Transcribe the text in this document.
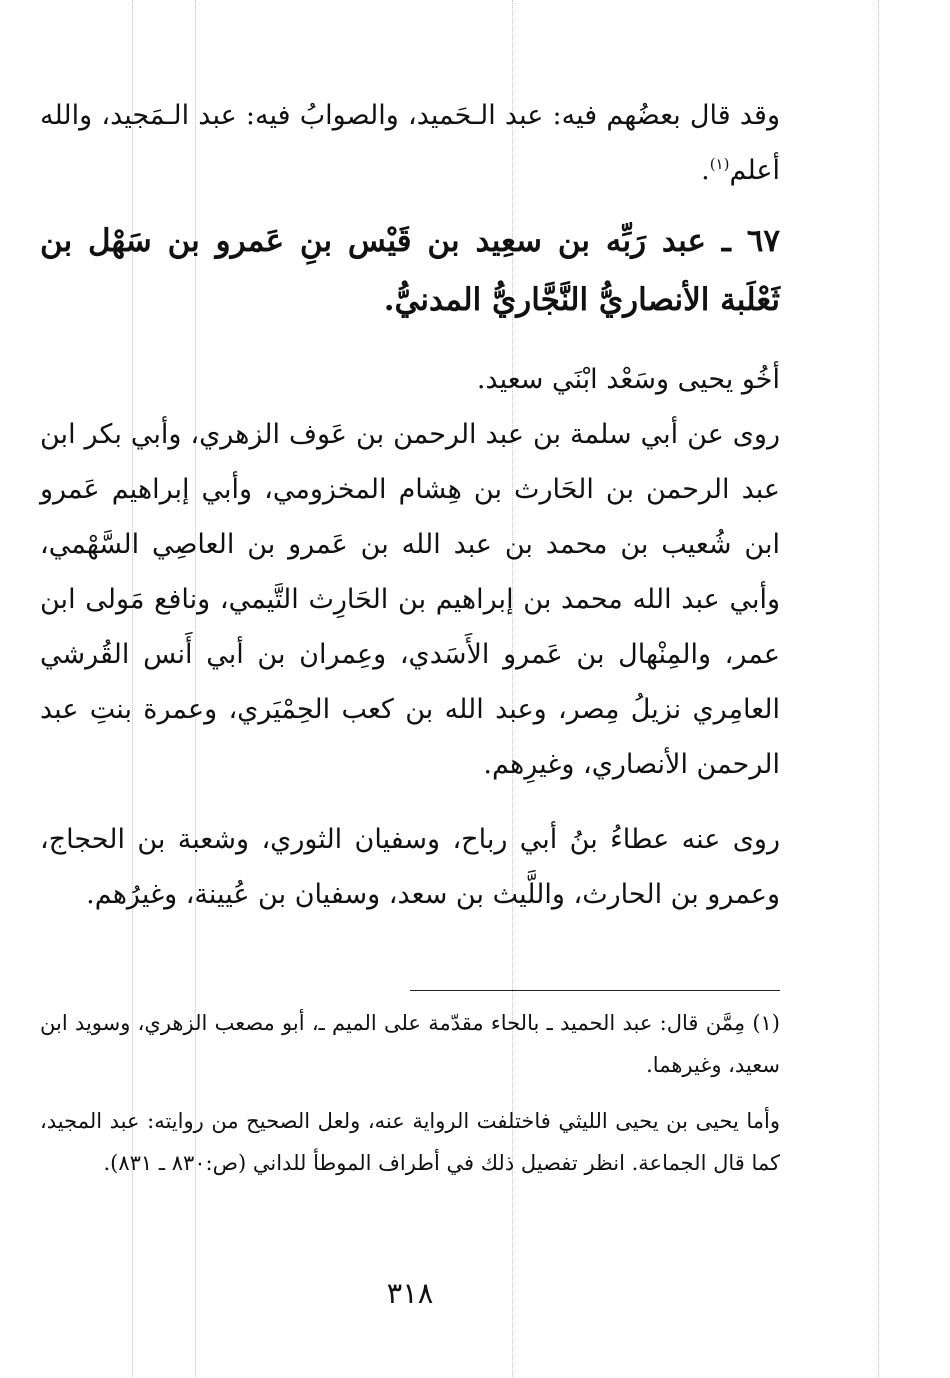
وقد قال بعضُهم فيه: عبد الـحَميد، والصوابُ فيه: عبد الـمَجيد، والله أعلم$^{(١)}$.

٦٧ ـ عبد رَبِّه بن سعِيد بن قَيْس بنِ عَمرو بن سَهْل بن ثَعْلَبة الأنصاريُّ النَّجَّاريُّ المدنيُّ.

أخُو يحيى وسَعْد ابْنَي سعيد.

روى عن أبي سلمة بن عبد الرحمن بن عَوف الزهري، وأبي بكر ابن عبد الرحمن بن الحَارث بن هِشام المخزومي، وأبي إبراهيم عَمرو ابن شُعيب بن محمد بن عبد الله بن عَمرو بن العاصِي السَّهْمي، وأبي عبد الله محمد بن إبراهيم بن الحَارِث التَّيمي، ونافع مَولى ابن عمر، والمِنْهال بن عَمرو الأَسَدي، وعِمران بن أبي أَنس القُرشي العامِري نزيلُ مِصر، وعبد الله بن كعب الحِمْيَري، وعمرة بنتِ عبد الرحمن الأنصاري، وغيرِهم.

روى عنه عطاءُ بنُ أبي رباح، وسفيان الثوري، وشعبة بن الحجاج، وعمرو بن الحارث، واللَّيث بن سعد، وسفيان بن عُيينة، وغيرُهم.

(١) مِمَّن قال: عبد الحميد ـ بالحاء مقدّمة على الميم ـ، أبو مصعب الزهري، وسويد ابن سعيد، وغيرهما.

وأما يحيى بن يحيى الليثي فاختلفت الرواية عنه، ولعل الصحيح من روايته: عبد المجيد، كما قال الجماعة. انظر تفصيل ذلك في أطراف الموطأ للداني (ص:٨٣٠ ـ ٨٣١).

٣١٨
